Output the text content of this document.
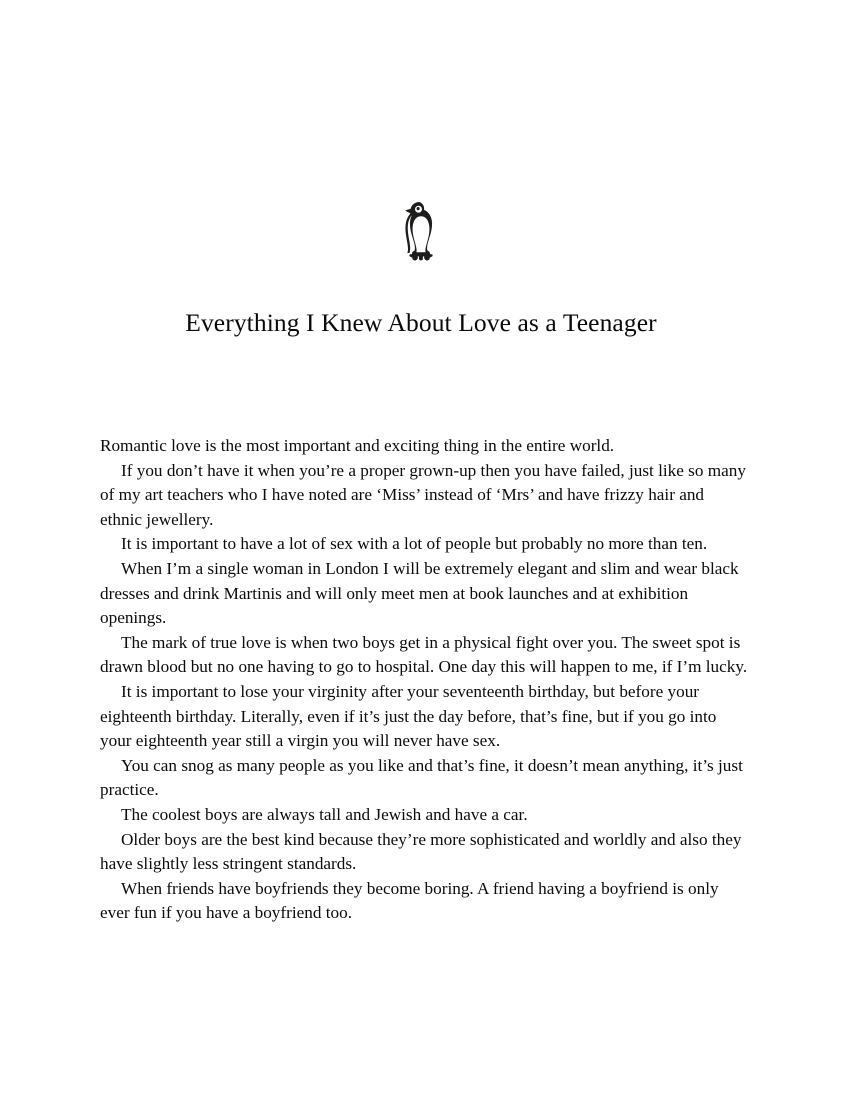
Everything I Knew About Love as a Teenager

Romantic love is the most important and exciting thing in the entire world.

If you don’t have it when you’re a proper grown-up then you have failed, just like so many of my art teachers who I have noted are ‘Miss’ instead of ‘Mrs’ and have frizzy hair and ethnic jewellery.

It is important to have a lot of sex with a lot of people but probably no more than ten.

When I’m a single woman in London I will be extremely elegant and slim and wear black dresses and drink Martinis and will only meet men at book launches and at exhibition openings.

The mark of true love is when two boys get in a physical fight over you. The sweet spot is drawn blood but no one having to go to hospital. One day this will happen to me, if I’m lucky.

It is important to lose your virginity after your seventeenth birthday, but before your eighteenth birthday. Literally, even if it’s just the day before, that’s fine, but if you go into your eighteenth year still a virgin you will never have sex.

You can snog as many people as you like and that’s fine, it doesn’t mean anything, it’s just practice.

The coolest boys are always tall and Jewish and have a car.

Older boys are the best kind because they’re more sophisticated and worldly and also they have slightly less stringent standards.

When friends have boyfriends they become boring. A friend having a boyfriend is only ever fun if you have a boyfriend too.
